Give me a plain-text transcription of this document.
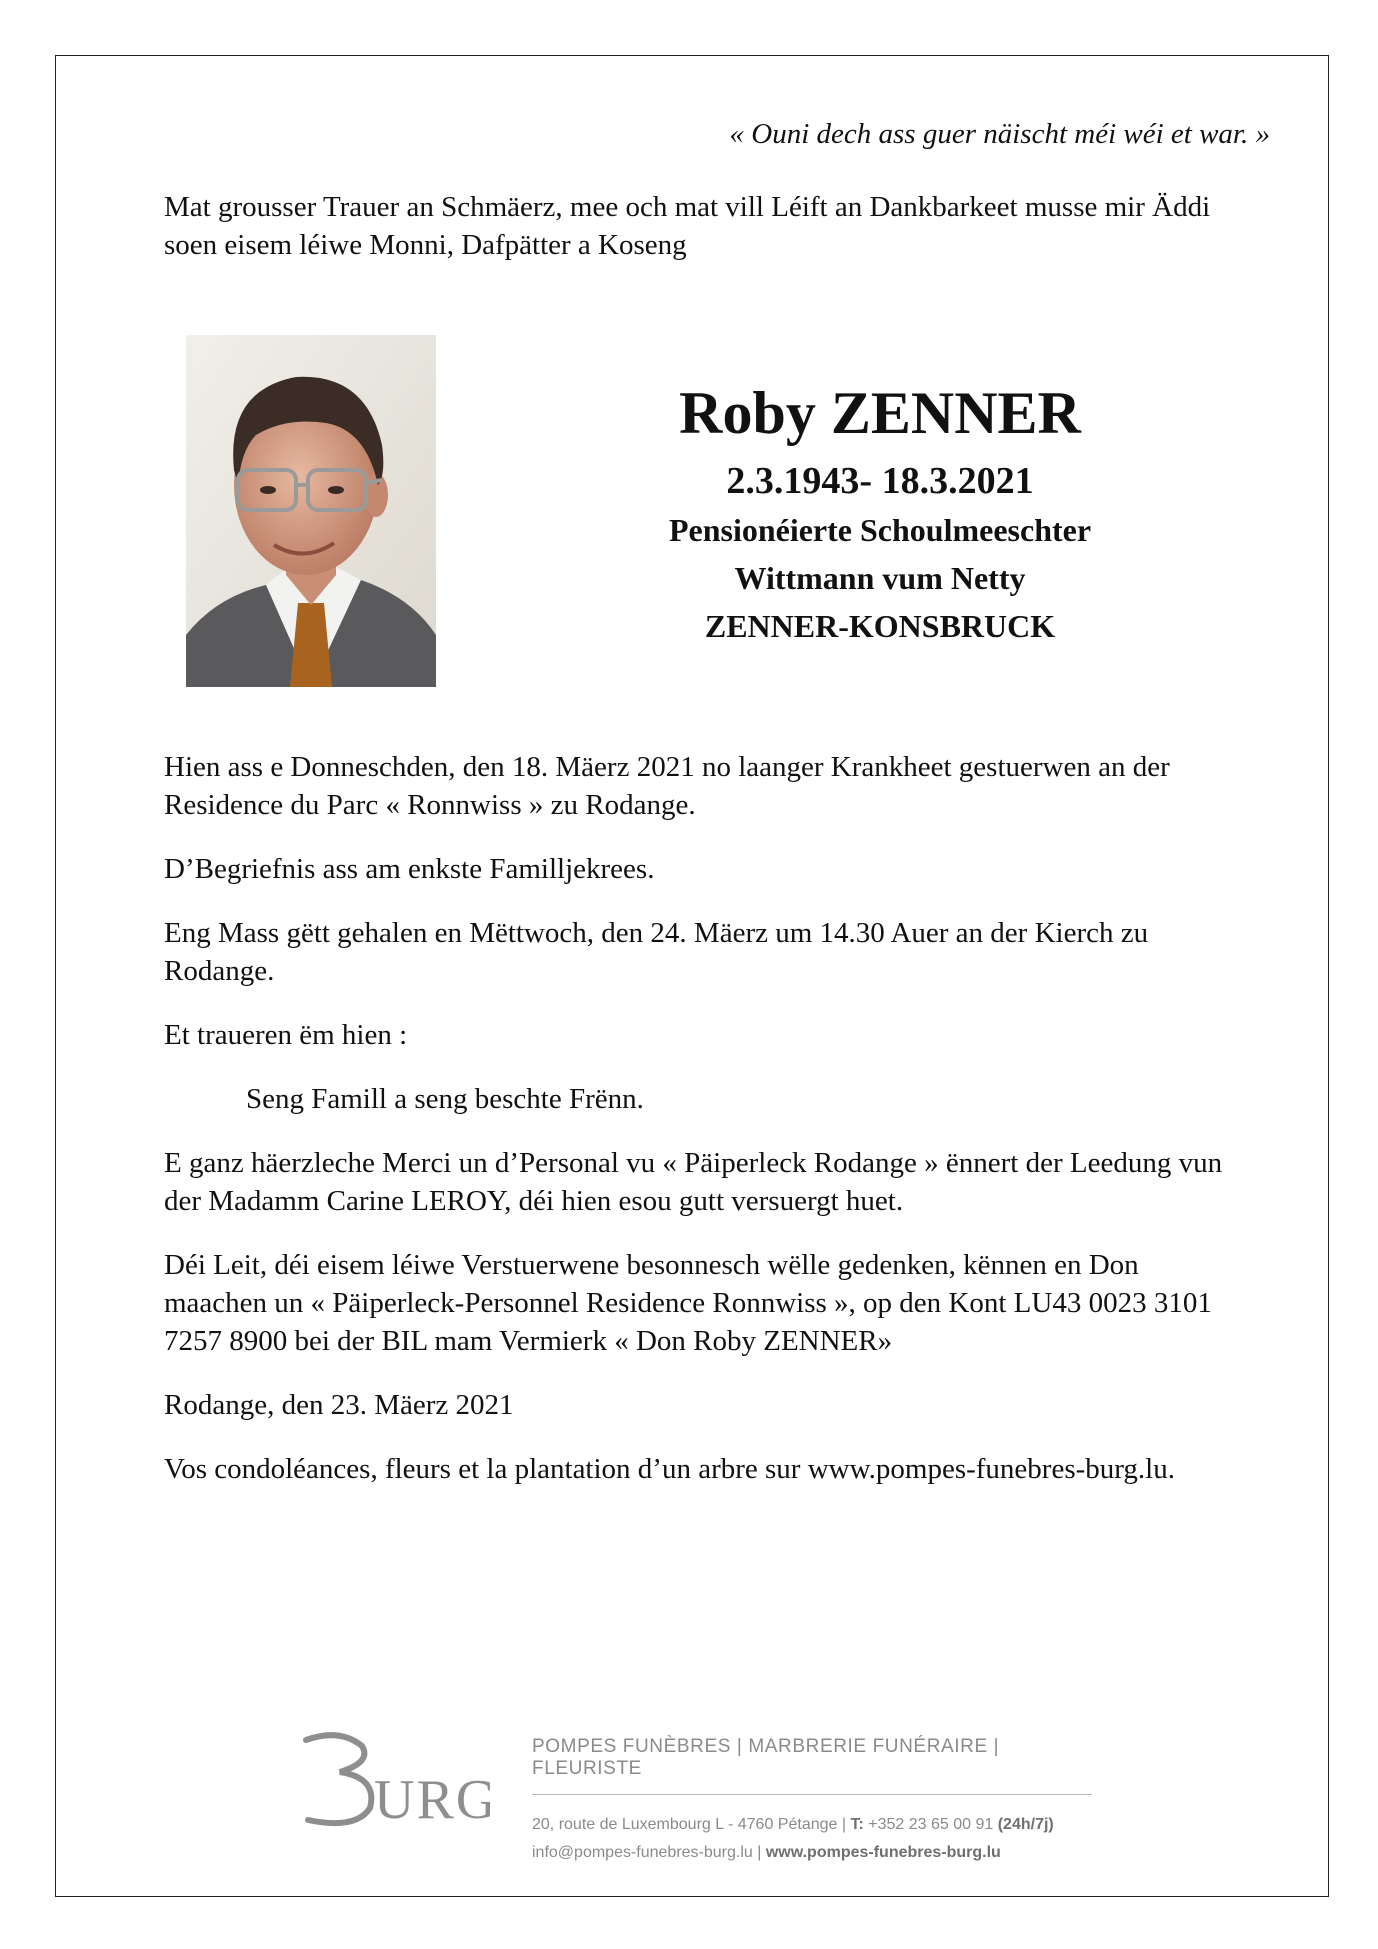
« Ouni dech ass guer näischt méi wéi et war. »
Mat grousser Trauer an Schmäerz, mee och mat vill Léift an Dankbarkeet musse mir Äddi soen eisem léiwe Monni, Dafpätter a Koseng
Roby ZENNER
2.3.1943- 18.3.2021
Pensionéierte Schoulmeeschter
Wittmann vum Netty
ZENNER-KONSBRUCK

Hien ass e Donneschden, den 18. Mäerz 2021 no laanger Krankheet gestuerwen an der Residence du Parc « Ronnwiss » zu Rodange.

D’Begriefnis ass am enkste Familljekrees.

Eng Mass gëtt gehalen en Mëttwoch, den 24. Mäerz um 14.30 Auer an der Kierch zu Rodange.

Et traueren ëm hien :

Seng Famill a seng beschte Frënn.

E ganz häerzleche Merci un d’Personal vu « Päiperleck Rodange » ënnert der Leedung vun der Madamm Carine LEROY, déi hien esou gutt versuergt huet.

Déi Leit, déi eisem léiwe Verstuerwene besonnesch wëlle gedenken, kënnen en Don maachen un « Päiperleck-Personnel Residence Ronnwiss », op den Kont LU43 0023 3101 7257 8900 bei der BIL mam Vermierk « Don Roby ZENNER»

Rodange, den 23. Mäerz 2021

Vos condoléances, fleurs et la plantation d’un arbre sur www.pompes-funebres-burg.lu.

URG
POMPES FUNÈBRES | MARBRERIE FUNÉRAIRE | FLEURISTE
20, route de Luxembourg L - 4760 Pétange | T: +352 23 65 00 91 (24h/7j)
info@pompes-funebres-burg.lu | www.pompes-funebres-burg.lu
